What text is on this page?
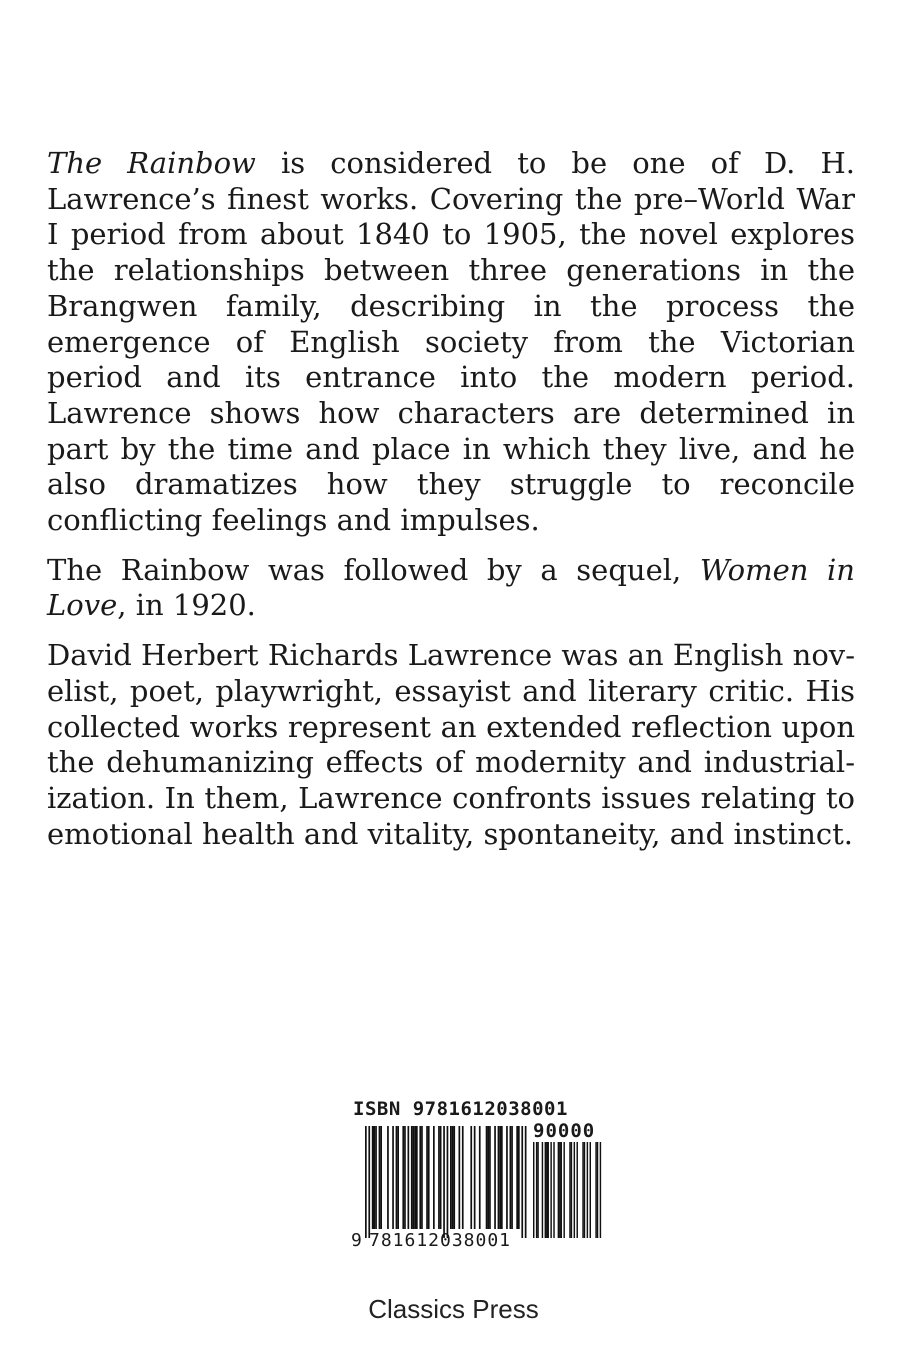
The Rainbow is considered to be one of D. H. Lawrence’s finest works. Covering the pre–World War I period from about 1840 to 1905, the novel explores the relationships between three generations in the Brangwen family, describing in the process the emergence of English society from the Victorian period and its entrance into the modern period. Lawrence shows how characters are determined in part by the time and place in which they live, and he also dramatizes how they struggle to reconcile conflicting feelings and impulses.

The Rainbow was followed by a sequel, Women in Love, in 1920.

David Herbert Richards Lawrence was an English novelist, poet, playwright, essayist and literary critic. His collected works represent an extended reflection upon the dehumanizing effects of modernity and industrialization. In them, Lawrence confronts issues relating to emotional health and vitality, spontaneity, and instinct.

ISBN 9781612038001
90000
9 781612 038001
Classics Press
